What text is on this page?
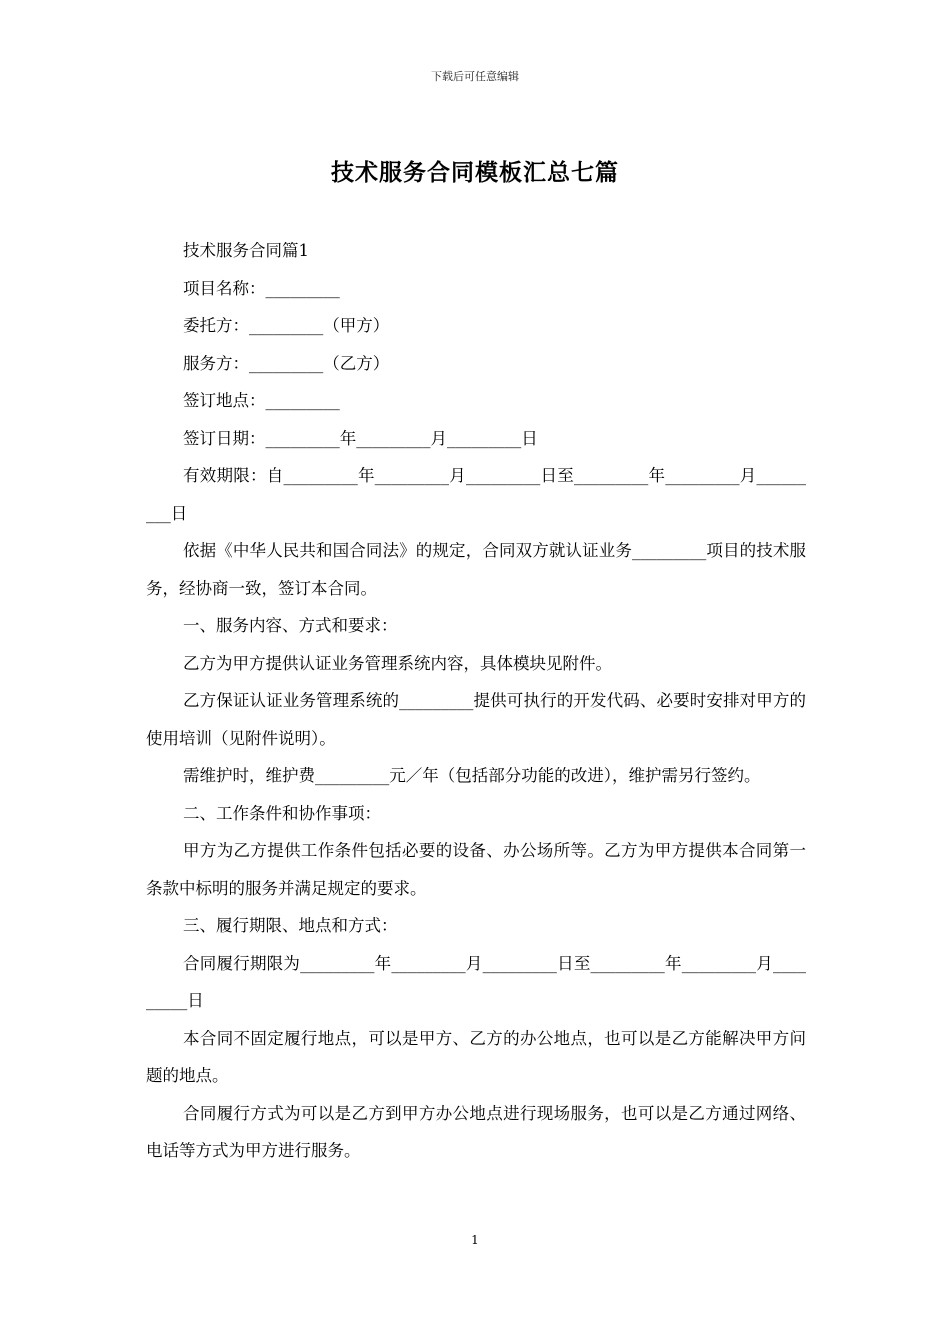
下载后可任意编辑
技术服务合同模板汇总七篇

技术服务合同篇1

项目名称：_________

委托方：_________（甲方）

服务方：_________（乙方）

签订地点：_________

签订日期：_________年_________月_________日

有效期限：自_________年_________月_________日至_________年_________月_________日

依据《中华人民共和国合同法》的规定，合同双方就认证业务_________项目的技术服务，经协商一致，签订本合同。

一、服务内容、方式和要求：

乙方为甲方提供认证业务管理系统内容，具体模块见附件。

乙方保证认证业务管理系统的_________提供可执行的开发代码、必要时安排对甲方的使用培训（见附件说明）。

需维护时，维护费_________元／年（包括部分功能的改进），维护需另行签约。

二、工作条件和协作事项：

甲方为乙方提供工作条件包括必要的设备、办公场所等。乙方为甲方提供本合同第一条款中标明的服务并满足规定的要求。

三、履行期限、地点和方式：

合同履行期限为_________年_________月_________日至_________年_________月_________日

本合同不固定履行地点，可以是甲方、乙方的办公地点，也可以是乙方能解决甲方问题的地点。

合同履行方式为可以是乙方到甲方办公地点进行现场服务，也可以是乙方通过网络、电话等方式为甲方进行服务。

1
